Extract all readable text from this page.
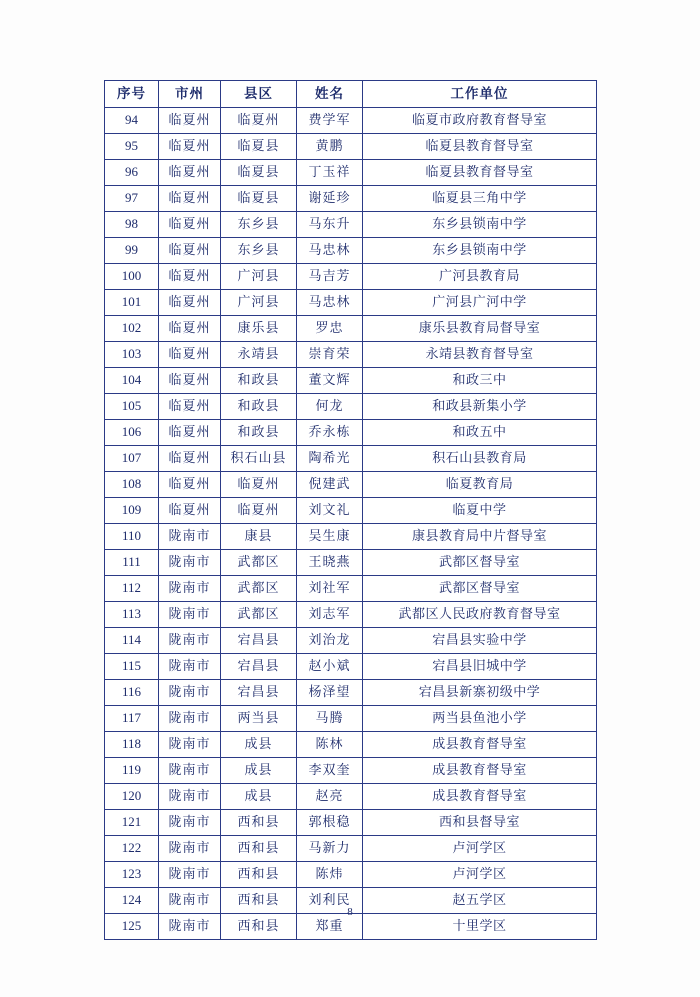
序号	市州	县区	姓名	工作单位
94	临夏州	临夏州	费学军	临夏市政府教育督导室
95	临夏州	临夏县	黄鹏	临夏县教育督导室
96	临夏州	临夏县	丁玉祥	临夏县教育督导室
97	临夏州	临夏县	谢延珍	临夏县三角中学
98	临夏州	东乡县	马东升	东乡县锁南中学
99	临夏州	东乡县	马忠林	东乡县锁南中学
100	临夏州	广河县	马吉芳	广河县教育局
101	临夏州	广河县	马忠林	广河县广河中学
102	临夏州	康乐县	罗忠	康乐县教育局督导室
103	临夏州	永靖县	崇育荣	永靖县教育督导室
104	临夏州	和政县	董文辉	和政三中
105	临夏州	和政县	何龙	和政县新集小学
106	临夏州	和政县	乔永栋	和政五中
107	临夏州	积石山县	陶希光	积石山县教育局
108	临夏州	临夏州	倪建武	临夏教育局
109	临夏州	临夏州	刘文礼	临夏中学
110	陇南市	康县	吴生康	康县教育局中片督导室
111	陇南市	武都区	王晓燕	武都区督导室
112	陇南市	武都区	刘社军	武都区督导室
113	陇南市	武都区	刘志军	武都区人民政府教育督导室
114	陇南市	宕昌县	刘治龙	宕昌县实验中学
115	陇南市	宕昌县	赵小斌	宕昌县旧城中学
116	陇南市	宕昌县	杨泽望	宕昌县新寨初级中学
117	陇南市	两当县	马腾	两当县鱼池小学
118	陇南市	成县	陈林	成县教育督导室
119	陇南市	成县	李双奎	成县教育督导室
120	陇南市	成县	赵亮	成县教育督导室
121	陇南市	西和县	郭根稳	西和县督导室
122	陇南市	西和县	马新力	卢河学区
123	陇南市	西和县	陈炜	卢河学区
124	陇南市	西和县	刘利民	赵五学区
125	陇南市	西和县	郑重	十里学区
8
